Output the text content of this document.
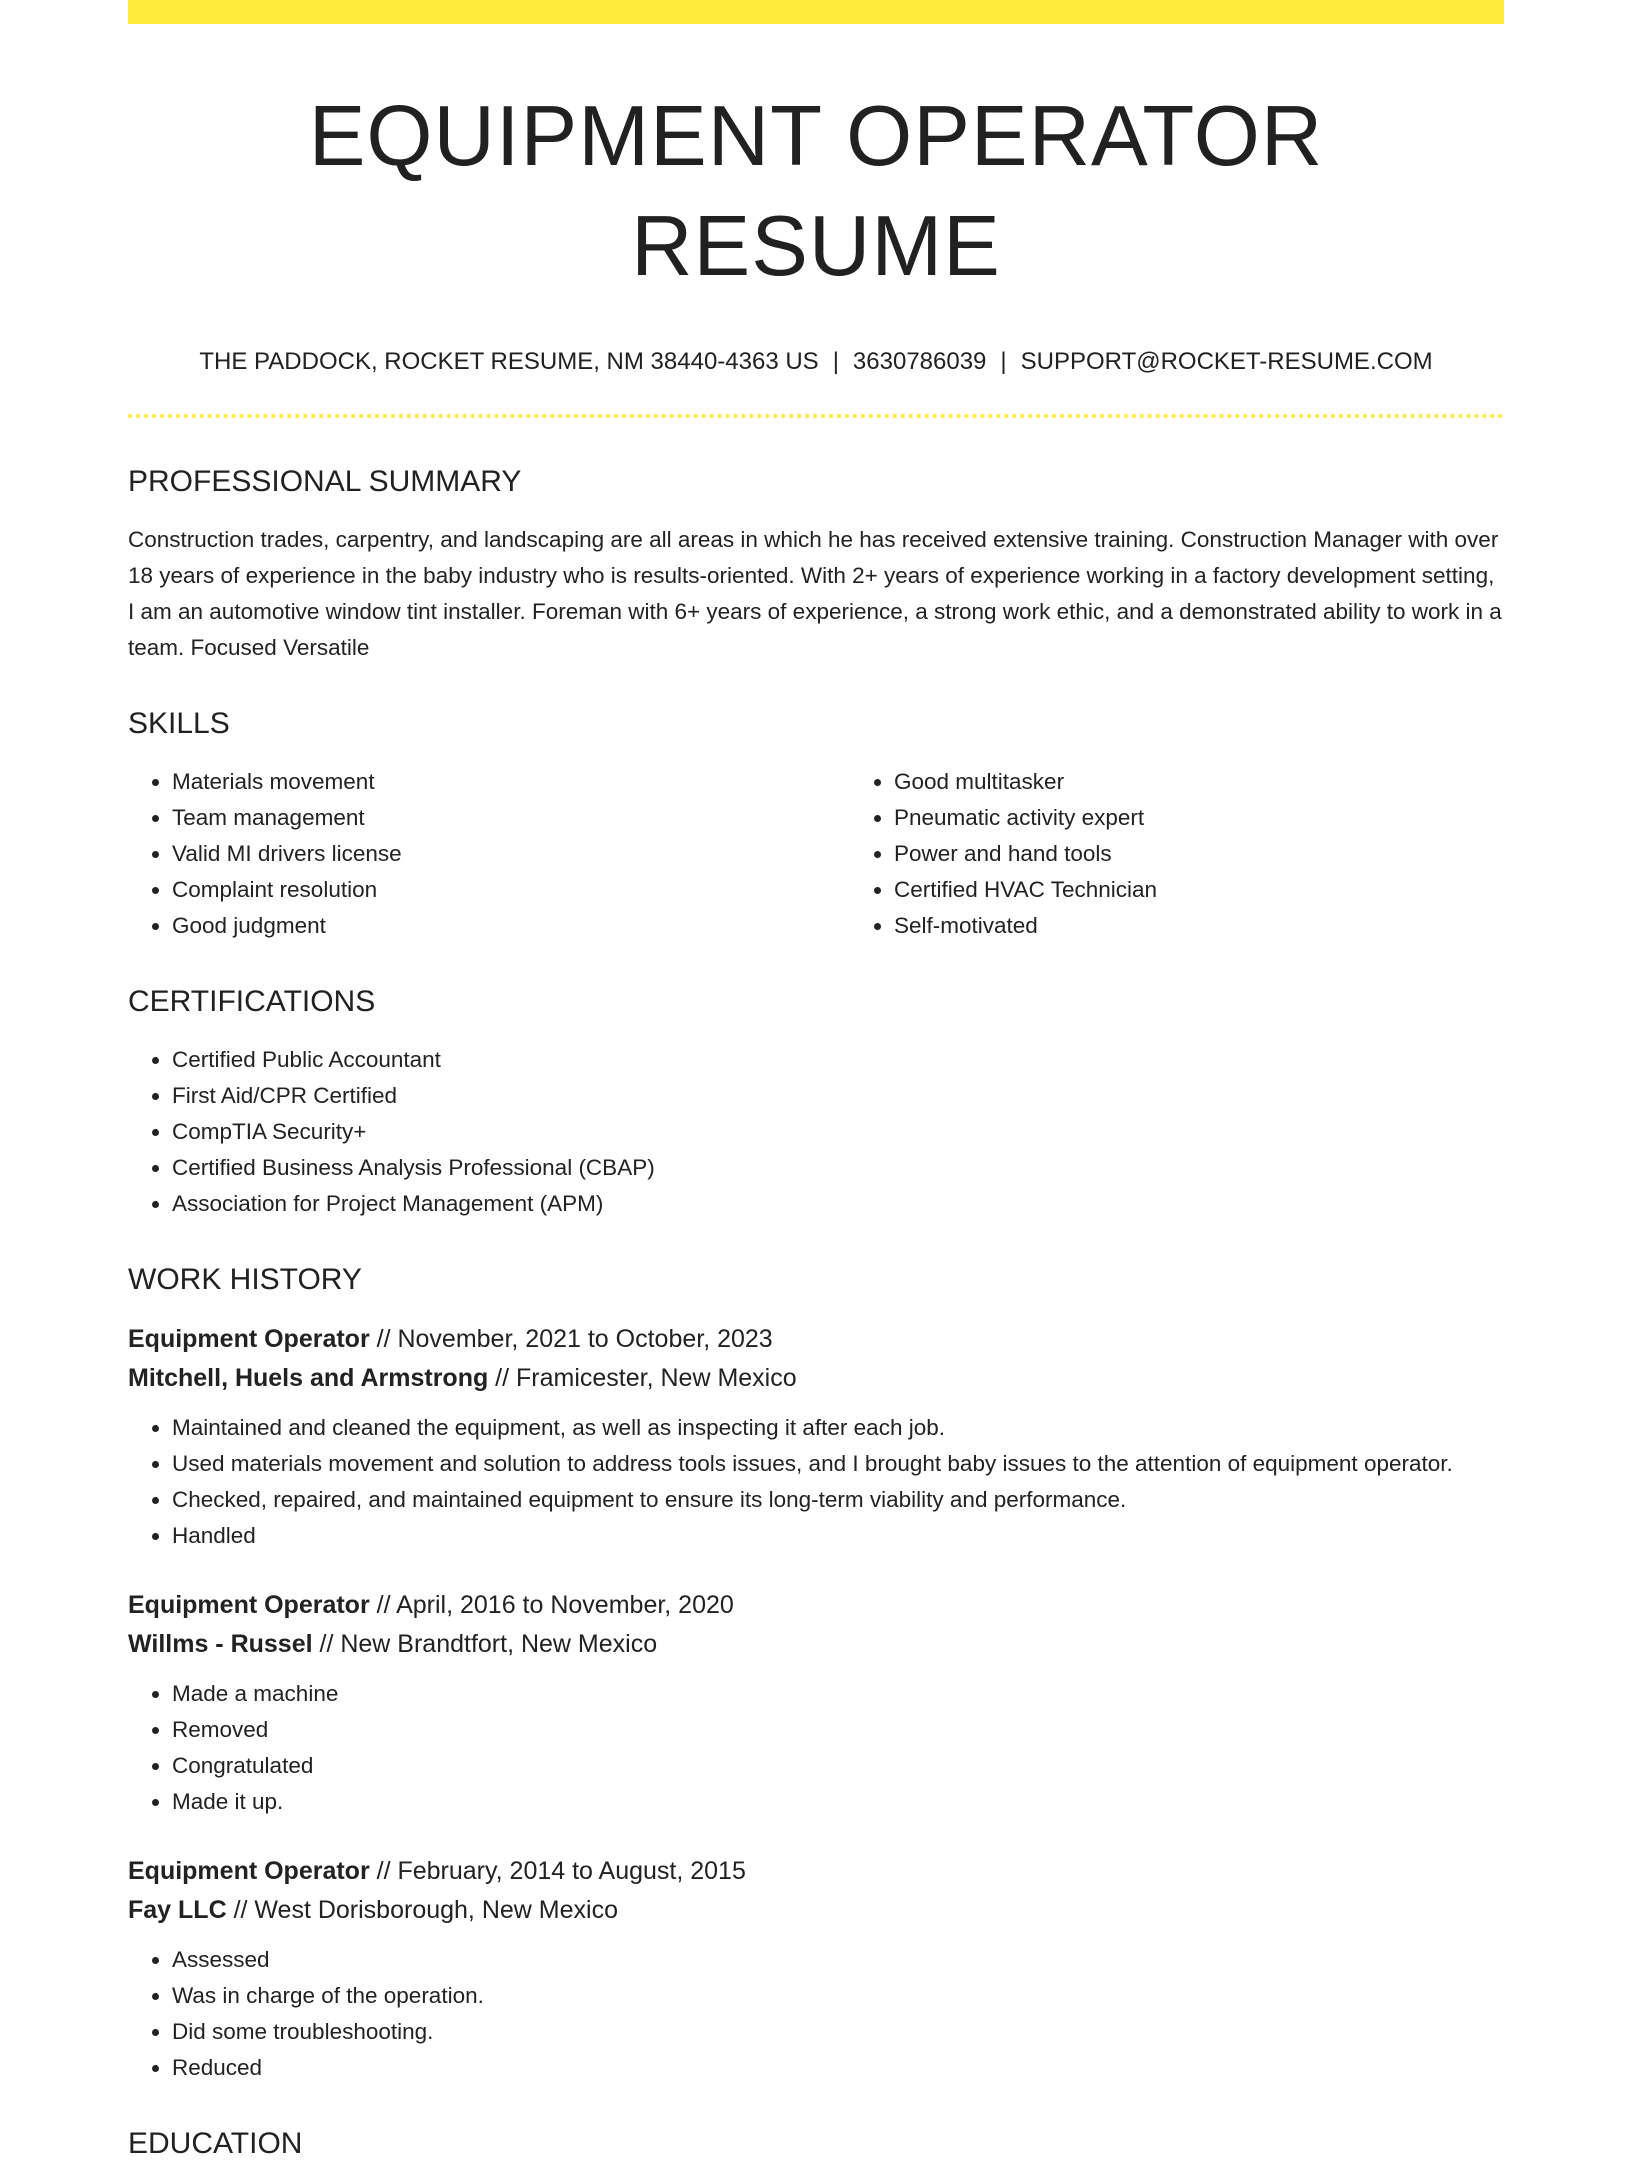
EQUIPMENT OPERATOR RESUME
THE PADDOCK, ROCKET RESUME, NM 38440-4363 US | 3630786039 | SUPPORT@ROCKET-RESUME.COM
PROFESSIONAL SUMMARY

Construction trades, carpentry, and landscaping are all areas in which he has received extensive training. Construction Manager with over 18 years of experience in the baby industry who is results-oriented. With 2+ years of experience working in a factory development setting, I am an automotive window tint installer. Foreman with 6+ years of experience, a strong work ethic, and a demonstrated ability to work in a team. Focused Versatile

SKILLS
• Materials movement
• Team management
• Valid MI drivers license
• Complaint resolution
• Good judgment
• Good multitasker
• Pneumatic activity expert
• Power and hand tools
• Certified HVAC Technician
• Self-motivated
CERTIFICATIONS
• Certified Public Accountant
• First Aid/CPR Certified
• CompTIA Security+
• Certified Business Analysis Professional (CBAP)
• Association for Project Management (APM)
WORK HISTORY
Equipment Operator // November, 2021 to October, 2023
Mitchell, Huels and Armstrong // Framicester, New Mexico
• Maintained and cleaned the equipment, as well as inspecting it after each job.
• Used materials movement and solution to address tools issues, and I brought baby issues to the attention of equipment operator.
• Checked, repaired, and maintained equipment to ensure its long-term viability and performance.
• Handled
Equipment Operator // April, 2016 to November, 2020
Willms - Russel // New Brandtfort, New Mexico
• Made a machine
• Removed
• Congratulated
• Made it up.
Equipment Operator // February, 2014 to August, 2015
Fay LLC // West Dorisborough, New Mexico
• Assessed
• Was in charge of the operation.
• Did some troubleshooting.
• Reduced
EDUCATION
